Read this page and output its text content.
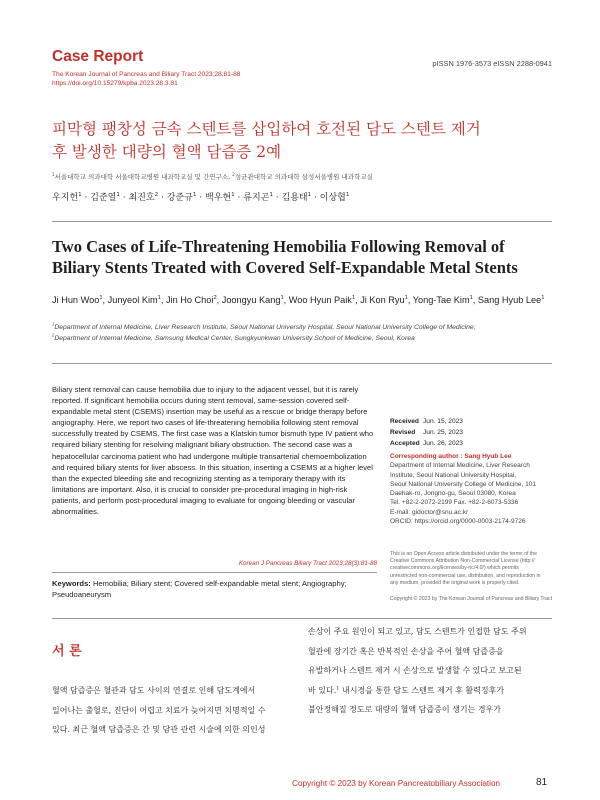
Case Report	pISSN 1976-3573 eISSN 2288-0941
The Korean Journal of Pancreas and Biliary Tract 2023;28:81-88
https://doi.org/10.15279/kpba.2023.28.3.81
피막형 팽창성 금속 스텐트를 삽입하여 호전된 담도 스텐트 제거
후 발생한 대량의 혈액 담즙증 2예
$^1$서울대학교 의과대학 서울대학교병원 내과학교실 및 간연구소, $^2$성균관대학교 의과대학 삼성서울병원 내과학교실
우지헌$^1$ · 김준열$^1$ · 최진호$^2$ · 강준규$^1$ · 백우현$^1$ · 류지곤$^1$ · 김용태$^1$ · 이상협$^1$
Two Cases of Life-Threatening Hemobilia Following Removal of
Biliary Stents Treated with Covered Self-Expandable Metal Stents
Ji Hun Woo$^1$, Junyeol Kim$^1$, Jin Ho Choi$^2$, Joongyu Kang$^1$, Woo Hyun Paik$^1$, Ji Kon Ryu$^1$, Yong-Tae Kim$^1$, Sang Hyub Lee$^1$
$^1$Department of Internal Medicine, Liver Research Institute, Seoul National University Hospital, Seoul National University College of Medicine;
$^2$Department of Internal Medicine, Samsung Medical Center, Sungkyunkwan University School of Medicine, Seoul, Korea
Biliary stent removal can cause hemobilia due to injury to the adjacent vessel, but it is rarely reported. If significant hemobilia occurs during stent removal, same-session covered self-expandable metal stent (CSEMS) insertion may be useful as a rescue or bridge therapy before angiography. Here, we report two cases of life-threatening hemobilia following stent removal successfully treated by CSEMS. The first case was a Klatskin tumor bismuth type IV patient who required biliary stenting for resolving malignant biliary obstruction. The second case was a hepatocellular carcinoma patient who had undergone multiple transarterial chemoembolization and required biliary stents for liver abscess. In this situation, inserting a CSEMS at a higher level than the expected bleeding site and recognizing stenting as a temporary therapy with its limitations are important. Also, it is crucial to consider pre-procedural imaging in high-risk patients, and perform post-procedural imaging to evaluate for ongoing bleeding or vascular abnormalities.
Korean J Pancreas Biliary Tract 2023;28(3):81-88
Keywords: Hemobilia; Biliary stent; Covered self-expandable metal stent; Angiography; Pseudoaneurysm
Received Jun. 15, 2023
Revised Jun. 25, 2023
Accepted Jun. 26, 2023
Corresponding author : Sang Hyub Lee
Department of Internal Medicine, Liver Research
Institute, Seoul National University Hospital,
Seoul National University College of Medicine, 101
Daehak-ro, Jongno-gu, Seoul 03080, Korea
Tel. +82-2-2072-2199 Fax. +82-2-6073-5336
E-mail: gidoctor@snu.ac.kr
ORCID: https://orcid.org/0000-0003-2174-9726
This is an Open Access article distributed under the terms of the
Creative Commons Attribution Non-Commercial License (http://
creativecommons.org/licenses/by-nc/4.0/) which permits
unrestricted non-commercial use, distribution, and reproduction in
any medium, provided the original work is properly cited.
Copyright © 2023 by The Korean Journal of Pancreas and Biliary Tract
서 론
혈액 담즙증은 혈관과 담도 사이의 연결로 인해 담도계에서
일어나는 출혈로, 진단이 어렵고 치료가 늦어지면 치명적일 수
있다. 최근 혈액 담즙증은 간 및 담관 관련 시술에 의한 의인성
손상이 주요 원인이 되고 있고, 담도 스텐트가 인접한 담도 주위
혈관에 장기간 혹은 반복적인 손상을 주어 혈액 담즙증을
유발하거나 스텐트 제거 시 손상으로 발생할 수 있다고 보고된
바 있다.$^1$ 내시경을 통한 담도 스텐트 제거 후 활력징후가
불안정해질 정도로 대량의 혈액 담즙증이 생기는 경우가
Copyright © 2023 by Korean Pancreatobiliary Association	81
